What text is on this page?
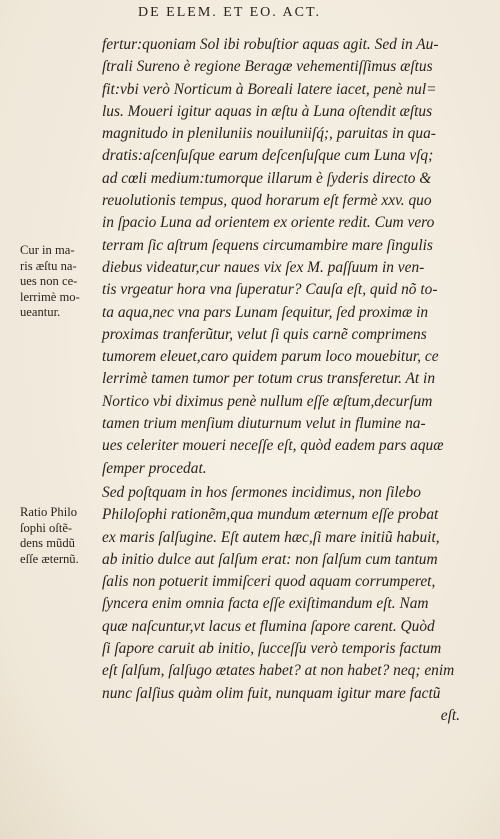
DE ELEM. ET EO. ACT.
fertur:quoniam Sol ibi robuſtior aquas agit. Sed in Au-
ſtrali Sureno è regione Beragæ vehementiſſimus æſtus
fit:vbi verò Norticum à Boreali latere iacet, penè nul=
lus. Moueri igitur aquas in æſtu à Luna oſtendit æſtus
magnitudo in pleniluniis nouiluniiſq́;, paruitas in qua-
dratis:aſcenſuſque earum deſcenſuſque cum Luna vſq;
ad cœli medium:tumorque illarum è ſyderis directo &
reuolutionis tempus, quod horarum eſt fermè xxv. quo
in ſpacio Luna ad orientem ex oriente redit. Cum vero
terram ſic aſtrum ſequens circumambire mare ſingulis
diebus videatur,cur naues vix ſex M. paſſuum in ven-
tis vrgeatur hora vna ſuperatur? Cauſa eſt, quid nõ to-
ta aqua,nec vna pars Lunam ſequitur, ſed proximæ in
proximas tranferũtur, velut ſi quis carnẽ comprimens
tumorem eleuet,caro quidem parum loco mouebitur, ce
lerrimè tamen tumor per totum crus transferetur. At in
Nortico vbi diximus penè nullum eſſe æſtum,decurſum
tamen trium menſium diuturnum velut in flumine na-
ues celeriter moueri neceſſe eſt, quòd eadem pars aquæ
ſemper procedat.
Sed poſtquam in hos ſermones incidimus, non ſilebo
Philoſophi rationẽm,qua mundum æternum eſſe probat
ex maris ſalſugine. Eſt autem hæc,ſi mare initiũ habuit,
ab initio dulce aut ſalſum erat: non ſalſum cum tantum
ſalis non potuerit immiſceri quod aquam corrumperet,
ſyncera enim omnia facta eſſe exiſtimandum eſt. Nam
quæ naſcuntur,vt lacus et flumina ſapore carent. Quòd
ſi ſapore caruit ab initio, ſucceſſu verò temporis factum
eſt ſalſum, ſalſugo ætates habet? at non habet? neq; enim
nunc ſalſius quàm olim fuit, nunquam igitur mare factũ
eſt.
Cur in ma-
ris æſtu na-
ues non ce-
lerrimè mo-
ueantur.
Ratio Philo
ſophi oſtẽ-
dens mũdũ
eſſe æternũ.
